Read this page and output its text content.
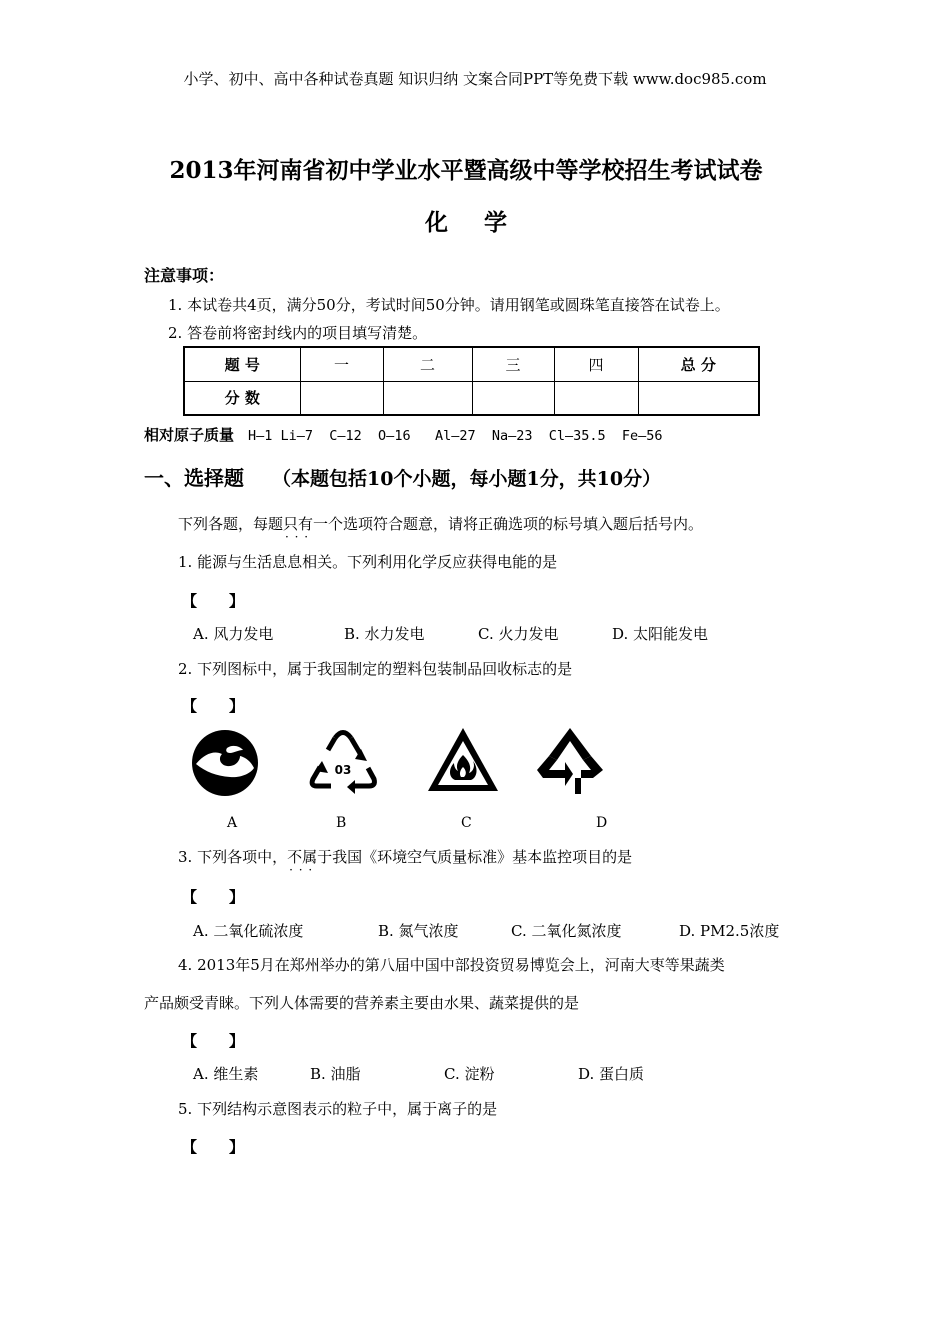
小学、初中、高中各种试卷真题 知识归纳 文案合同PPT等免费下载 www.doc985.com
2013年河南省初中学业水平暨高级中等学校招生考试试卷
化学
注意事项：
1. 本试卷共4页，满分50分，考试时间50分钟。请用钢笔或圆珠笔直接答在试卷上。
2. 答卷前将密封线内的项目填写清楚。
题 号	一	二	三	四	总 分
分 数					
相对原子质量 H—1 Li—7  C—12  O—16   Al—27  Na—23  Cl—35.5  Fe—56
一、选择题 （本题包括10个小题，每小题1分，共10分）
下列各题，每题只有一个 · · ·选项符合题意，请将正确选项的标号填入题后括号内。
1. 能源与生活息息相关。下列利用化学反应获得电能的是
【 】
A. 风力发电	B. 水力发电	C. 火力发电	D. 太阳能发电
2. 下列图标中，属于我国制定的塑料包装制品回收标志的是
【 】
03
A	B	C	D
3. 下列各项中，不属于 · · ·我国《环境空气质量标准》基本监控项目的是
【 】
A. 二氧化硫浓度	B. 氮气浓度	C. 二氧化氮浓度	D. PM2.5浓度
4. 2013年5月在郑州举办的第八届中国中部投资贸易博览会上，河南大枣等果蔬类
产品颇受青睐。下列人体需要的营养素主要由水果、蔬菜提供的是
【 】
A. 维生素	B. 油脂	C. 淀粉	D. 蛋白质
5. 下列结构示意图表示的粒子中，属于离子的是
【 】
